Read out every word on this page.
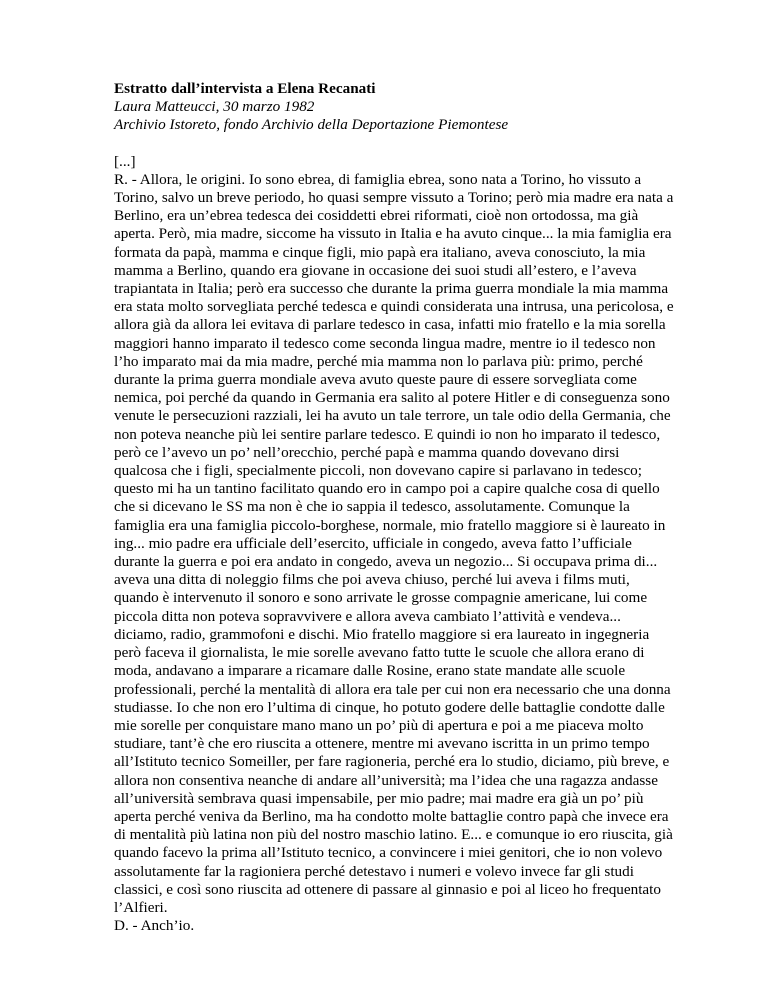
Estratto dall’intervista a Elena Recanati

Laura Matteucci, 30 marzo 1982

Archivio Istoreto, fondo Archivio della Deportazione Piemontese

[...]

R. - Allora, le origini. Io sono ebrea, di famiglia ebrea, sono nata a Torino, ho vissuto a Torino, salvo un breve periodo, ho quasi sempre vissuto a Torino; però mia madre era nata a Berlino, era un’ebrea tedesca dei cosiddetti ebrei riformati, cioè non ortodossa, ma già aperta. Però, mia madre, siccome ha vissuto in Italia e ha avuto cinque... la mia famiglia era formata da papà, mamma e cinque figli, mio papà era italiano, aveva conosciuto, la mia mamma a Berlino, quando era giovane in occasione dei suoi studi all’estero, e l’aveva trapiantata in Italia; però era successo che durante la prima guerra mondiale la mia mamma era stata molto sorvegliata perché tedesca e quindi considerata una intrusa, una pericolosa, e allora già da allora lei evitava di parlare tedesco in casa, infatti mio fratello e la mia sorella maggiori hanno imparato il tedesco come seconda lingua madre, mentre io il tedesco non l’ho imparato mai da mia madre, perché mia mamma non lo parlava più: primo, perché durante la prima guerra mondiale aveva avuto queste paure di essere sorvegliata come nemica, poi perché da quando in Germania era salito al potere Hitler e di conseguenza sono venute le persecuzioni razziali, lei ha avuto un tale terrore, un tale odio della Germania, che non poteva neanche più lei sentire parlare tedesco. E quindi io non ho imparato il tedesco, però ce l’avevo un po’ nell’orecchio, perché papà e mamma quando dovevano dirsi qualcosa che i figli, specialmente piccoli, non dovevano capire si parlavano in tedesco; questo mi ha un tantino facilitato quando ero in campo poi a capire qualche cosa di quello che si dicevano le SS ma non è che io sappia il tedesco, assolutamente. Comunque la famiglia era una famiglia piccolo-borghese, normale, mio fratello maggiore si è laureato in ing... mio padre era ufficiale dell’esercito, ufficiale in congedo, aveva fatto l’ufficiale durante la guerra e poi era andato in congedo, aveva un negozio... Si occupava prima di... aveva una ditta di noleggio films che poi aveva chiuso, perché lui aveva i films muti, quando è intervenuto il sonoro e sono arrivate le grosse compagnie americane, lui come piccola ditta non poteva sopravvivere e allora aveva cambiato l’attività e vendeva... diciamo, radio, grammofoni e dischi. Mio fratello maggiore si era laureato in ingegneria però faceva il giornalista, le mie sorelle avevano fatto tutte le scuole che allora erano di moda, andavano a imparare a ricamare dalle Rosine, erano state mandate alle scuole professionali, perché la mentalità di allora era tale per cui non era necessario che una donna studiasse. Io che non ero l’ultima di cinque, ho potuto godere delle battaglie condotte dalle mie sorelle per conquistare mano mano un po’ più di apertura e poi a me piaceva molto studiare, tant’è che ero riuscita a ottenere, mentre mi avevano iscritta in un primo tempo all’Istituto tecnico Someiller, per fare ragioneria, perché era lo studio, diciamo, più breve, e allora non consentiva neanche di andare all’università; ma l’idea che una ragazza andasse all’università sembrava quasi impensabile, per mio padre; mai madre era già un po’ più aperta perché veniva da Berlino, ma ha condotto molte battaglie contro papà che invece era di mentalità più latina non più del nostro maschio latino. E... e comunque io ero riuscita, già quando facevo la prima all’Istituto tecnico, a convincere i miei genitori, che io non volevo assolutamente far la ragioniera perché detestavo i numeri e volevo invece far gli studi classici, e così sono riuscita ad ottenere di passare al ginnasio e poi al liceo ho frequentato l’Alfieri.

D. - Anch’io.
